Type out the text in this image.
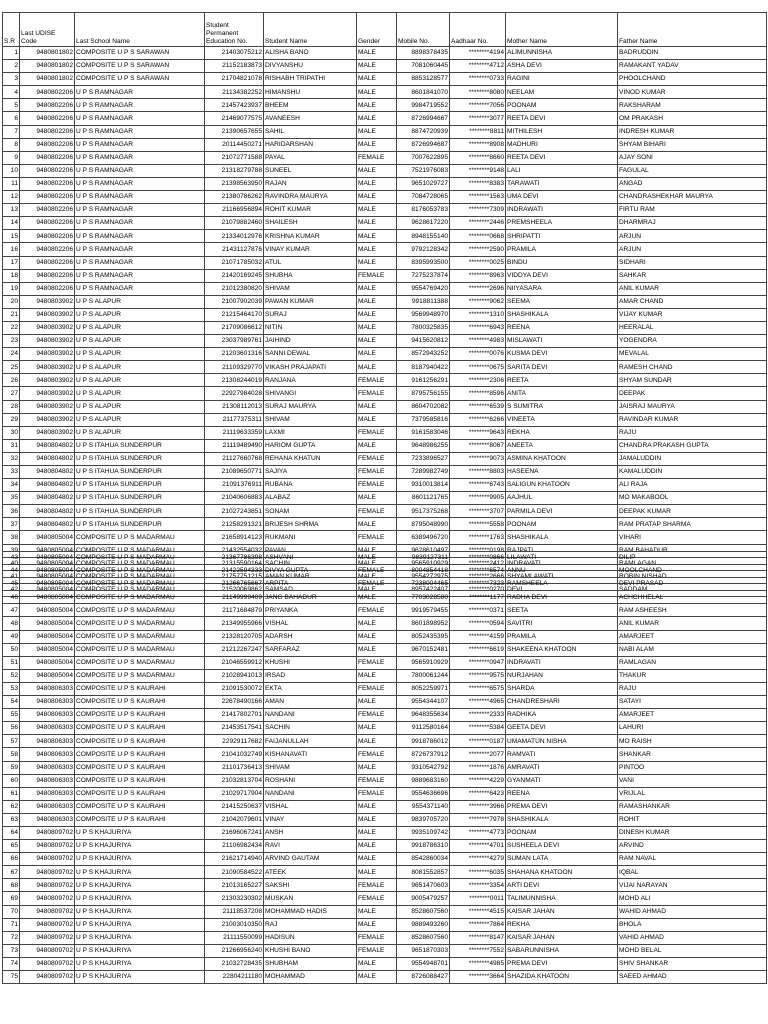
S.R	Last UDISE Code	Last School Name	Student Permanent Education No.	Student Name	Gender	Mobile No.	Aadhaar No.	Mother Name	Father Name
1	9480801802	COMPOSITE U P S SARAWAN	21403075212	ALISHA BANO	MALE	8898378435	********4194	ALIMUNNISHA	BADRUDDIN
2	9480801802	COMPOSITE U P S SARAWAN	21152183873	DIVYANSHU	MALE	7081060445	********4712	ASHA DEVI	RAMAKANT YADAV
3	9480801802	COMPOSITE U P S SARAWAN	21704821078	RISHABH TRIPATHI	MALE	8853128577	********0733	RAGINI	PHOOLCHAND
4	9480802206	U P S RAMNAGAR	21134382252	HIMANSHU	MALE	8601841070	********8080	NEELAM	VINOD KUMAR
5	9480802206	U P S RAMNAGAR	21457423937	BHEEM	MALE	9984719552	********7056	POONAM	RAKSHARAM
6	9480802206	U P S RAMNAGAR	21469077575	AVANEESH	MALE	8726994667	********3077	REETA DEVI	OM PRAKASH
7	9480802206	U P S RAMNAGAR	21390657655	SAHIL	MALE	8874720939	********8811	MITHILESH	INDRESH KUMAR
8	9480802206	U P S RAMNAGAR	20114450271	HARIDARSHAN	MALE	8726994687	********8908	MADHURI	SHYAM BIHARI
9	9480802206	U P S RAMNAGAR	21072771588	PAYAL	FEMALE	7007622895	********8660	REETA DEVI	AJAY SONI
10	9480802206	U P S RAMNAGAR	21318279788	SUNEEL	MALE	7521976083	********9148	LALI	FAGULAL
11	9480802206	U P S RAMNAGAR	21398563950	RAJAN	MALE	9651029727	********8383	TARAWATI	ANGAD
12	9480802206	U P S RAMNAGAR	21380786262	RAVINDRA MAURYA	MALE	7084728065	********1563	UMA DEVI	CHANDRASHEKHAR MAURYA
13	9480802206	U P S RAMNAGAR	21166956894	ROHIT KUMAR	MALE	8176053783	********7309	INDRAWATI	FIRTU RAM
14	9480802206	U P S RAMNAGAR	21079882460	SHAILESH	MALE	9628617220	********2446	PREMSHEELA	DHARMRAJ
15	9480802206	U P S RAMNAGAR	21334012976	KRISHNA KUMAR	MALE	8948155140	********0668	SHRIPATTI	ARJUN
16	9480802206	U P S RAMNAGAR	21431127876	VINAY KUMAR	MALE	9792128342	********2590	PRAMILA	ARJUN
17	9480802206	U P S RAMNAGAR	21071785032	ATUL	MALE	8395993500	********0025	BINDU	SIDHARI
18	9480802206	U P S RAMNAGAR	21420169245	SHUBHA	FEMALE	7275237874	********8963	VIDDYA DEVI	SAHKAR
19	9480802206	U P S RAMNAGAR	21012380820	SHIVAM	MALE	9554769420	********2696	NIIYASARA	ANIL KUMAR
20	9480803902	U P S ALAPUR	21007902039	PAWAN KUMAR	MALE	9918811388	********9062	SEEMA	AMAR CHAND
21	9480803902	U P S ALAPUR	21215464170	SURAJ	MALE	9569948970	********1310	SHASHIKALA	VIJAY KUMAR
22	9480803902	U P S ALAPUR	21709086612	NITIN	MALE	7800325835	********6943	REENA	HEERALAL
23	9480803902	U P S ALAPUR	23037989761	JAIHIND	MALE	9415620812	********4983	MISLAWATI	YOGENDRA
24	9480803902	U P S ALAPUR	21203601316	SANNI DEWAL	MALE	8572943252	********0076	KUSMA DEVI	MEVALAL
25	9480803902	U P S ALAPUR	21109329770	VIKASH PRAJAPATI	MALE	8187940422	********0675	SARITA DEVI	RAMESH CHAND
26	9480803902	U P S ALAPUR	21308244019	RANJANA	FEMALE	9161256291	********2306	REETA	SHYAM SUNDAR
27	9480803902	U P S ALAPUR	22927984028	SHIVANGI	FEMALE	8795756155	********8596	ANITA	DEEPAK
28	9480803902	U P S ALAPUR	21308112013	SURAJ MAURYA	MALE	8604702082	********6539	S SUMITRA	JAISRAJ MAURYA
29	9480803902	U P S ALAPUR	21177375311	SHIVAM	MALE	7379585816	********6266	VINEETA	RAVINDAR KUMAR
30	9480803902	U P S ALAPUR	21119633359	LAXMI	FEMALE	9161583046	********9643	REKHA	RAJU
31	9480804802	U P S ITAHUA SUNDERPUR	21119489490	HARIOM GUPTA	MALE	9648986255	********8067	ANEETA	CHANDRA PRAKASH GUPTA
32	9480804802	U P S ITAHUA SUNDERPUR	21127660768	REHANA KHATUN	FEMALE	7233896527	********9073	ASMINA KHATOON	JAMALUDDIN
33	9480804802	U P S ITAHUA SUNDERPUR	21089650771	SAJIYA	FEMALE	7289982749	********8803	HASEENA	KAMALUDDIN
34	9480804802	U P S ITAHUA SUNDERPUR	21091376911	RUBANA	FEMALE	9310013814	********6743	SALIGUN KHATOON	ALI RAJA
35	9480804802	U P S ITAHUA SUNDERPUR	21040606883	ALABAZ	MALE	8601121765	********9905	AAJHUL	MO MAKABOOL
36	9480804802	U P S ITAHUA SUNDERPUR	21027243851	SONAM	FEMALE	9517375268	********3707	PARMILA DEVI	DEEPAK KUMAR
37	9480804802	U P S ITAHUA SUNDERPUR	21258291321	BRIJESH SHRMA	MALE	8795048990	********5558	POONAM	RAM PRATAP SHARMA
38	9480805004	COMPOSITE U P S MADARMAU	21658914123	RUKMANI	FEMALE	6389496720	********1763	SHASHIKALA	VIHARI
39	9480805004	COMPOSITE U P S MADARMAU	21432554032	PAVAN	MALE	9628610497	********0198	RAJPATI	RAM BAHADUR
40	9480805004	COMPOSITE U P S MADARMAU	21315590164	SACHIN	MALE	9565910929	********2412	INDRAVATI	RAMLAGAN
41	9480805004	COMPOSITE U P S MADARMAU	21757751215	AMAN KUMAR	MALE	9554272975	********2666	SHYAMLAWATI	ROBIN NISHAD
42	9480805004	COMPOSITE U P S MADARMAU	21520069862	SAMSAD	MALE	8957422407	********0270	DEVI	SADDAM
43	9480805004	COMPOSITE U P S MADARMAU	21367786398	ASHVANI	MALE	9839127311	********0866	LILAWATI	DILIP
44	9480805004	COMPOSITE U P S MADARMAU	21422594333	DIVYA GUPTA	FEMALE	8004854418	********6574	ANNU	MOOLCHAND
45	9480805004	COMPOSITE U P S MADARMAU	21266765667	ARPITA	FEMALE	7238004465	********7323	RAMSHEELA	DEVI PRASAD
46	9480805004	COMPOSITE U P S MADARMAU	21149999409	JANG BAHADUR	MALE	7703028580	********1177	RADHA DEVI	ACHCHHELAL
47	9480805004	COMPOSITE U P S MADARMAU	21171684879	PRIYANKA	FEMALE	9919579455	********0371	SEETA	RAM ASHEESH
48	9480805004	COMPOSITE U P S MADARMAU	21349955966	VISHAL	MALE	8601898952	********0594	SAVITRI	ANIL KUMAR
49	9480805004	COMPOSITE U P S MADARMAU	21328120705	ADARSH	MALE	8052435395	********4159	PRAMILA	AMARJEET
50	9480805004	COMPOSITE U P S MADARMAU	21212267247	SARFARAZ	MALE	9670152481	********6619	SHAKEENA KHATOON	NABI ALAM
51	9480805004	COMPOSITE U P S MADARMAU	21046559912	KHUSHI	FEMALE	9565910929	********0947	INDRAVATI	RAMLAGAN
52	9480805004	COMPOSITE U P S MADARMAU	21028941013	IRSAD	MALE	7800061244	********9575	NURJAHAN	THAKUR
53	9480806303	COMPOSITE U P S KAURAHI	21091530072	EKTA	FEMALE	8052259971	********6575	SHARDA	RAJU
54	9480806303	COMPOSITE U P S KAURAHI	22678490166	AMAN	MALE	9554344107	********4965	CHANDRESHARI	SATAYI
55	9480806303	COMPOSITE U P S KAURAHI	21417802701	NANDANI	FEMALE	9648355634	********2333	RADHIKA	AMARJEET
56	9480806303	COMPOSITE U P S KAURAHI	21453517541	SACHIN	MALE	9112580164	********5384	GEETA DEVI	LAHURI
57	9480806303	COMPOSITE U P S KAURAHI	22929117682	FAIJANULLAH	MALE	9918786012	********0187	UMAMATUN NISHA	MO RAISH
58	9480806303	COMPOSITE U P S KAURAHI	21041032749	KISHANAVATI	FEMALE	8726737912	********2077	RAMVATI	SHANKAR
59	9480806303	COMPOSITE U P S KAURAHI	21101736413	SHIVAM	MALE	9310542792	********1876	AMRAVATI	PINTOO
60	9480806303	COMPOSITE U P S KAURAHI	21032813704	ROSHANI	FEMALE	9889683160	********4229	GYANMATI	VANI
61	9480806303	COMPOSITE U P S KAURAHI	21029717904	NANDANI	FEMALE	9554636696	********6423	REENA	VRIJLAL
62	9480806303	COMPOSITE U P S KAURAHI	21415250637	VISHAL	MALE	9554371140	********3966	PREMA DEVI	RAMASHANKAR
63	9480806303	COMPOSITE U P S KAURAHI	21042079601	VINAY	MALE	9839705720	********7978	SHASHIKALA	ROHIT
64	9480809702	U P S KHAJURIYA	21696067241	ANSH	MALE	9935109742	********4773	POONAM	DINESH KUMAR
65	9480809702	U P S KHAJURIYA	21106982434	RAVI	MALE	9918786310	********4701	SUSHEELA DEVI	ARVIND
66	9480809702	U P S KHAJURIYA	21621714940	ARVIND GAUTAM	MALE	8542860034	********4279	SUMAN LATA	RAM NAVAL
67	9480809702	U P S KHAJURIYA	21090584522	ATEEK	MALE	8081552857	********6035	SHAHANA KHATOON	IQBAL
68	9480809702	U P S KHAJURIYA	21013165227	SAKSHI	FEMALE	9651470603	********3354	ARTI DEVI	VIJAI NARAYAN
69	9480809702	U P S KHAJURIYA	21303230302	MUSKAN	FEMALE	9005479257	********0011	TALIMUNNISHA	MOHD ALI
70	9480809702	U P S KHAJURIYA	21118537208	MOHAMMAD HADIS	MALE	8528607560	********4515	KAISAR JAHAN	WAHID AHMAD
71	9480809702	U P S KHAJURIYA	21003010350	RAJ	MALE	9889493260	********7864	REKHA	BHOLA
72	9480809702	U P S KHAJURIYA	21111550099	HADISUN	FEMALE	8528607560	********8147	KAISAR JAHAN	VAHID AHMAD
73	9480809702	U P S KHAJURIYA	21266956240	KHUSHI BANO	FEMALE	9651870303	********7552	SABARUNNISHA	MOHD BELAL
74	9480809702	U P S KHAJURIYA	21032728435	SHUBHAM	MALE	9554948701	********4985	PREMA DEVI	SHIV SHANKAR
75	9480809702	U P S KHAJURIYA	22804211180	MOHAMMAD	MALE	8726088427	********3664	SHAZIDA KHATOON	SAEED AHMAD
